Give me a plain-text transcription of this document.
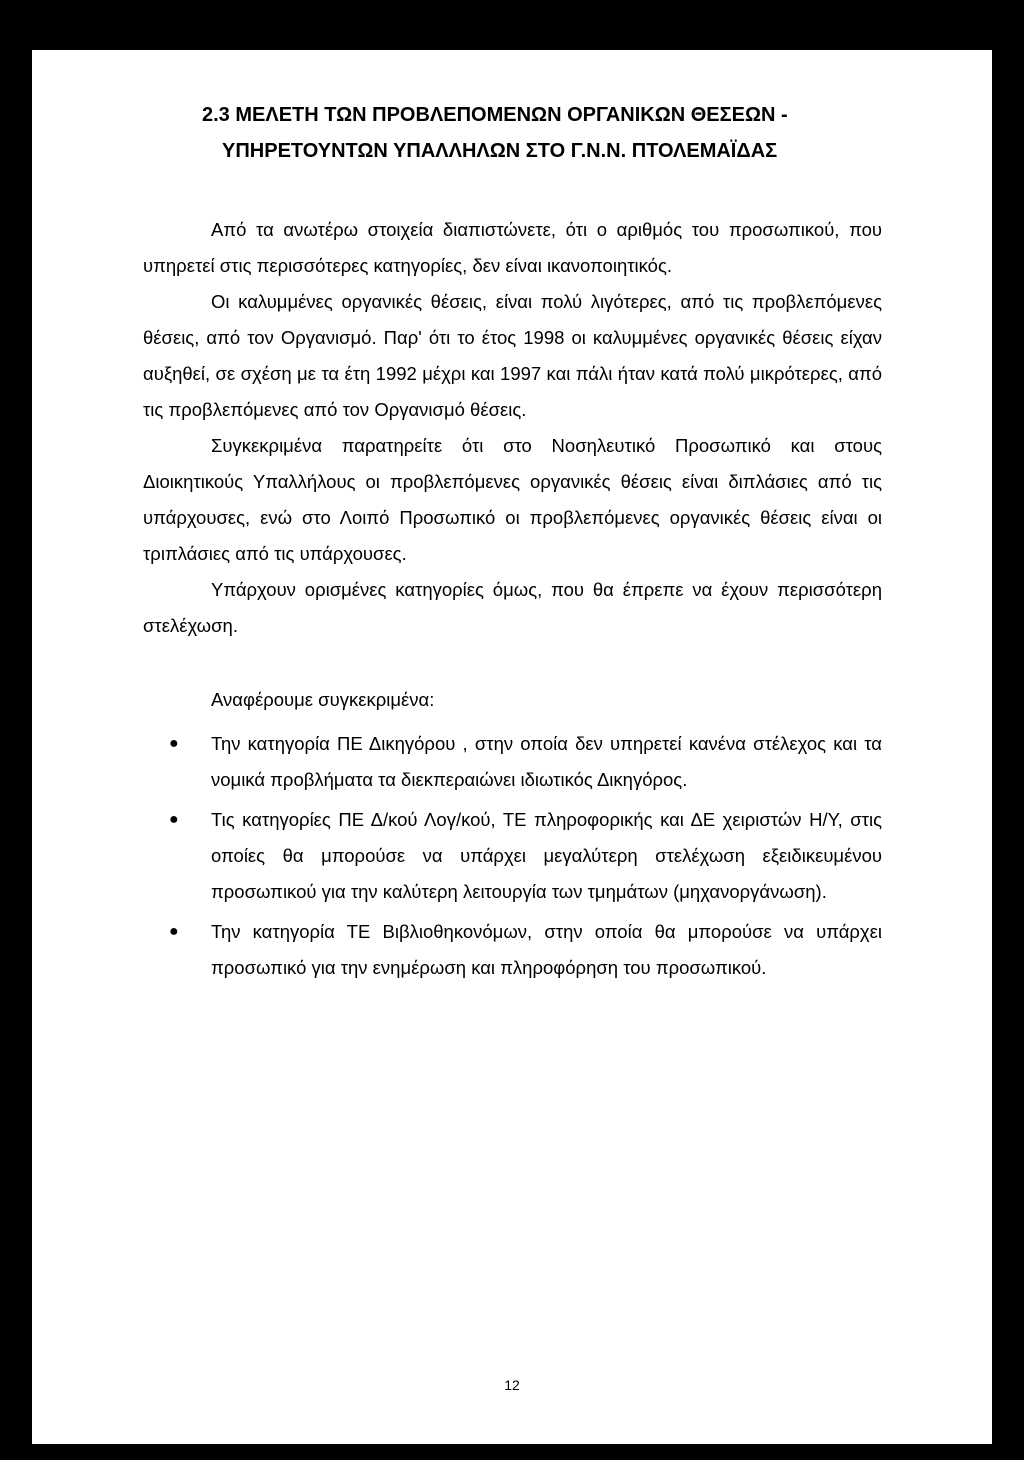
2.3 ΜΕΛΕΤΗ ΤΩΝ ΠΡΟΒΛΕΠΟΜΕΝΩΝ ΟΡΓΑΝΙΚΩΝ ΘΕΣΕΩΝ -
ΥΠΗΡΕΤΟΥΝΤΩΝ ΥΠΑΛΛΗΛΩΝ ΣΤΟ Γ.Ν.Ν. ΠΤΟΛΕΜΑΪΔΑΣ

Από τα ανωτέρω στοιχεία διαπιστώνετε, ότι ο αριθμός του προσωπικού, που υπηρετεί στις περισσότερες κατηγορίες, δεν είναι ικανοποιητικός.

Οι καλυμμένες οργανικές θέσεις, είναι πολύ λιγότερες, από τις προβλεπόμενες θέσεις, από τον Οργανισμό. Παρ' ότι το έτος 1998 οι καλυμμένες οργανικές θέσεις είχαν αυξηθεί, σε σχέση με τα έτη 1992 μέχρι και 1997 και πάλι ήταν κατά πολύ μικρότερες, από τις προβλεπόμενες από τον Οργανισμό θέσεις.

Συγκεκριμένα παρατηρείτε ότι στο Νοσηλευτικό Προσωπικό και στους Διοικητικούς Υπαλλήλους οι προβλεπόμενες οργανικές θέσεις είναι διπλάσιες από τις υπάρχουσες, ενώ στο Λοιπό Προσωπικό οι προβλεπόμενες οργανικές θέσεις είναι οι τριπλάσιες από τις υπάρχουσες.

Υπάρχουν ορισμένες κατηγορίες όμως, που θα έπρεπε να έχουν περισσότερη στελέχωση.

Αναφέρουμε συγκεκριμένα:

● Την κατηγορία ΠΕ Δικηγόρου , στην οποία δεν υπηρετεί κανένα στέλεχος και τα νομικά προβλήματα τα διεκπεραιώνει ιδιωτικός Δικηγόρος.
● Τις κατηγορίες ΠΕ Δ/κού Λογ/κού, ΤΕ πληροφορικής και ΔΕ χειριστών Η/Υ, στις οποίες θα μπορούσε να υπάρχει μεγαλύτερη στελέχωση εξειδικευμένου προσωπικού για την καλύτερη λειτουργία των τμημάτων (μηχανοργάνωση).
● Την κατηγορία ΤΕ Βιβλιοθηκονόμων, στην οποία θα μπορούσε να υπάρχει προσωπικό για την ενημέρωση και πληροφόρηση του προσωπικού.
12
